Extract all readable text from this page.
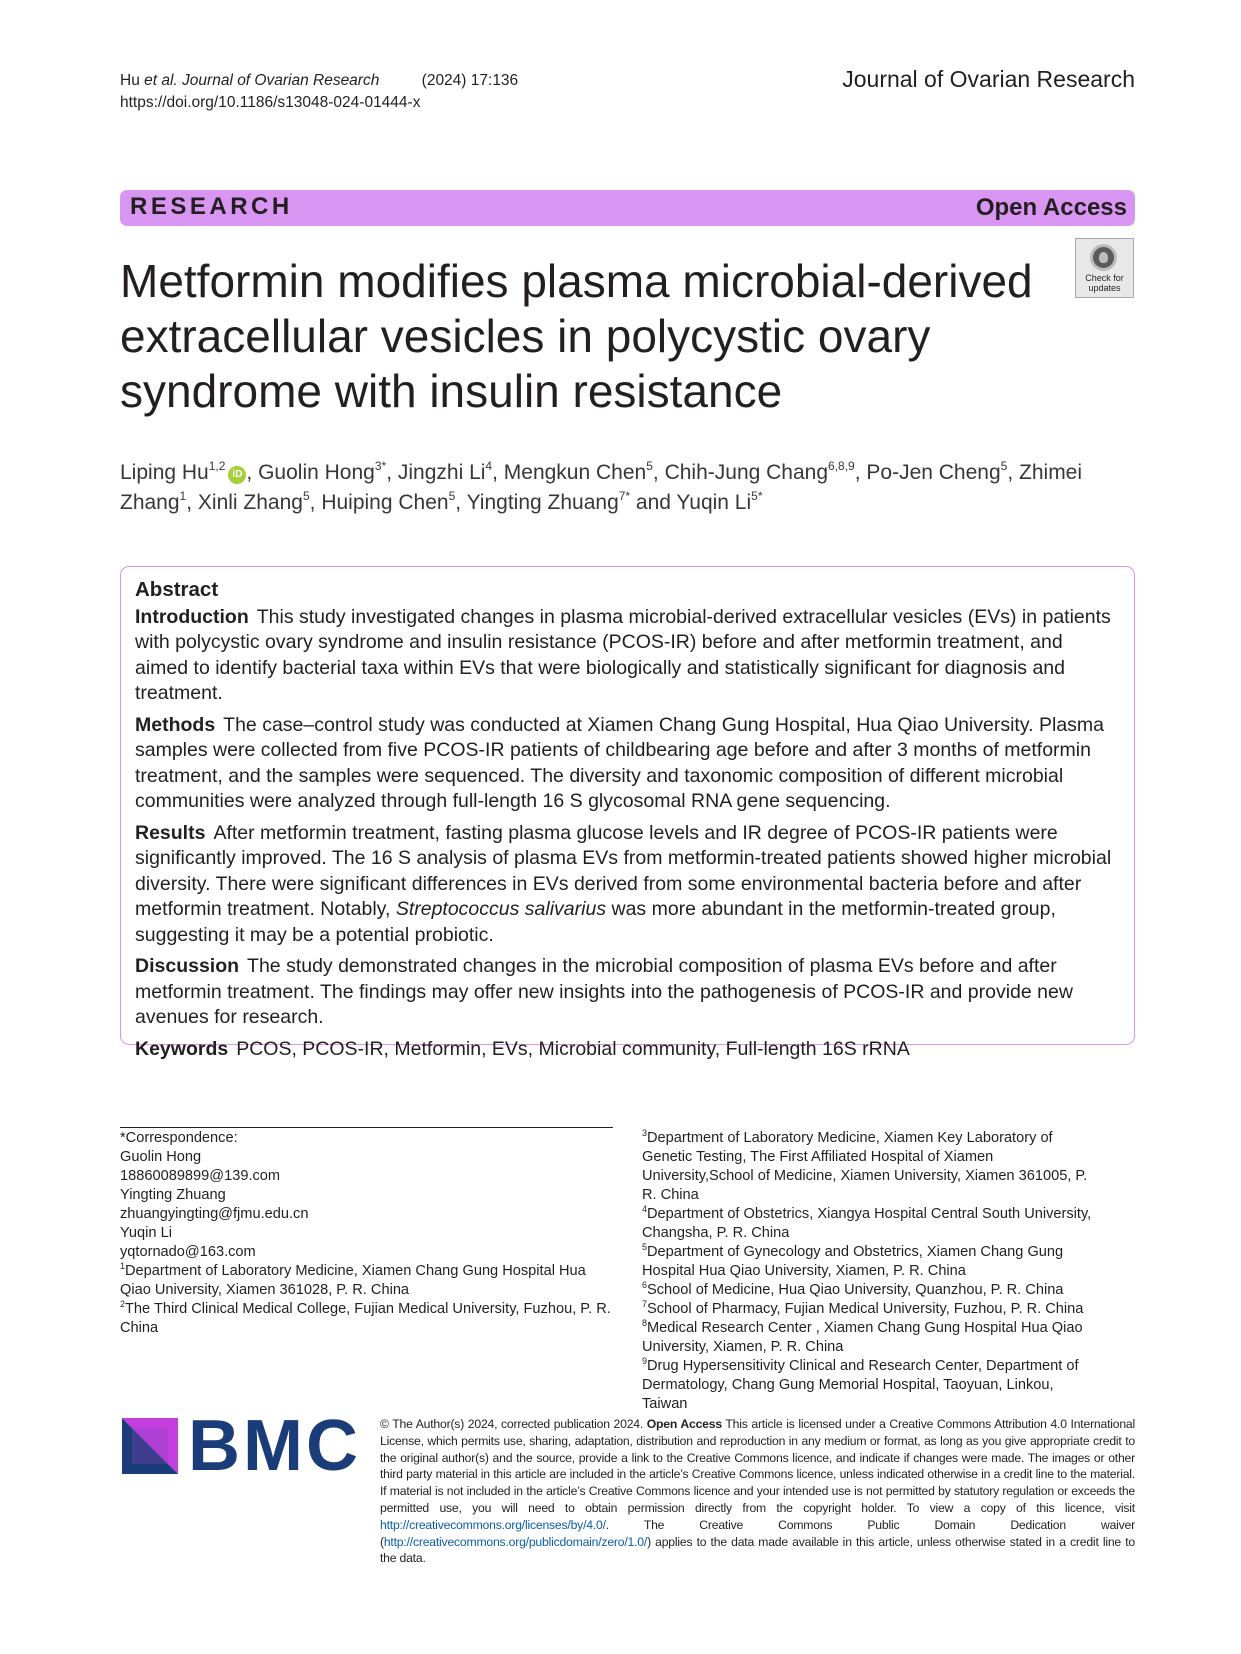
Hu et al. Journal of Ovarian Research	(2024) 17:136
https://doi.org/10.1186/s13048-024-01444-x
Journal of Ovarian Research
RESEARCH	Open Access
Metformin modifies plasma microbial-derived extracellular vesicles in polycystic ovary syndrome with insulin resistance
Check for
updates
Liping Hu$^{1,2}$iD , Guolin Hong$^{3*}$, Jingzhi Li$^4$, Mengkun Chen$^5$, Chih-Jung Chang$^{6,8,9}$, Po-Jen Cheng$^5$, Zhimei Zhang$^1$, Xinli Zhang$^5$, Huiping Chen$^5$, Yingting Zhuang$^{7*}$ and Yuqin $Li^{5*}$
Abstract

Introduction This study investigated changes in plasma microbial-derived extracellular vesicles (EVs) in patients with polycystic ovary syndrome and insulin resistance (PCOS-IR) before and after metformin treatment, and aimed to identify bacterial taxa within EVs that were biologically and statistically significant for diagnosis and treatment.

Methods The case–control study was conducted at Xiamen Chang Gung Hospital, Hua Qiao University. Plasma samples were collected from five PCOS-IR patients of childbearing age before and after 3 months of metformin treatment, and the samples were sequenced. The diversity and taxonomic composition of different microbial communities were analyzed through full-length 16 S glycosomal RNA gene sequencing.

Results After metformin treatment, fasting plasma glucose levels and IR degree of PCOS-IR patients were significantly improved. The 16 S analysis of plasma EVs from metformin-treated patients showed higher microbial diversity. There were significant differences in EVs derived from some environmental bacteria before and after metformin treatment. Notably, Streptococcus salivarius was more abundant in the metformin-treated group, suggesting it may be a potential probiotic.

Discussion The study demonstrated changes in the microbial composition of plasma EVs before and after metformin treatment. The findings may offer new insights into the pathogenesis of PCOS-IR and provide new avenues for research.

Keywords PCOS, PCOS-IR, Metformin, EVs, Microbial community, Full-length 16S rRNA

*Correspondence:
Guolin Hong
18860089899@139.com
Yingting Zhuang
zhuangyingting@fjmu.edu.cn
Yuqin Li
yqtornado@163.com
$^1$Department of Laboratory Medicine, Xiamen Chang Gung Hospital Hua Qiao University, Xiamen 361028, P. R. China
$^2$The Third Clinical Medical College, Fujian Medical University, Fuzhou, P. R. China
$^3$Department of Laboratory Medicine, Xiamen Key Laboratory of Genetic Testing, The First Affiliated Hospital of Xiamen University,School of Medicine, Xiamen University, Xiamen 361005, P. R. China
$^4$Department of Obstetrics, Xiangya Hospital Central South University, Changsha, P. R. China
$^5$Department of Gynecology and Obstetrics, Xiamen Chang Gung Hospital Hua Qiao University, Xiamen, P. R. China
$^6$School of Medicine, Hua Qiao University, Quanzhou, P. R. China
$^7$School of Pharmacy, Fujian Medical University, Fuzhou, P. R. China
$^8$Medical Research Center , Xiamen Chang Gung Hospital Hua Qiao University, Xiamen, P. R. China
$^9$Drug Hypersensitivity Clinical and Research Center, Department of Dermatology, Chang Gung Memorial Hospital, Taoyuan, Linkou, Taiwan
BMC © The Author(s) 2024, corrected publication 2024. Open Access This article is licensed under a Creative Commons Attribution 4.0 International License, which permits use, sharing, adaptation, distribution and reproduction in any medium or format, as long as you give appropriate credit to the original author(s) and the source, provide a link to the Creative Commons licence, and indicate if changes were made. The images or other third party material in this article are included in the article’s Creative Commons licence, unless indicated otherwise in a credit line to the material. If material is not included in the article’s Creative Commons licence and your intended use is not permitted by statutory regulation or exceeds the permitted use, you will need to obtain permission directly from the copyright holder. To view a copy of this licence, visit http://creativecommons.org/licenses/by/4.0/. The Creative Commons Public Domain Dedication waiver (http://creativecommons.org/publicdomain/zero/1.0/) applies to the data made available in this article, unless otherwise stated in a credit line to the data.
